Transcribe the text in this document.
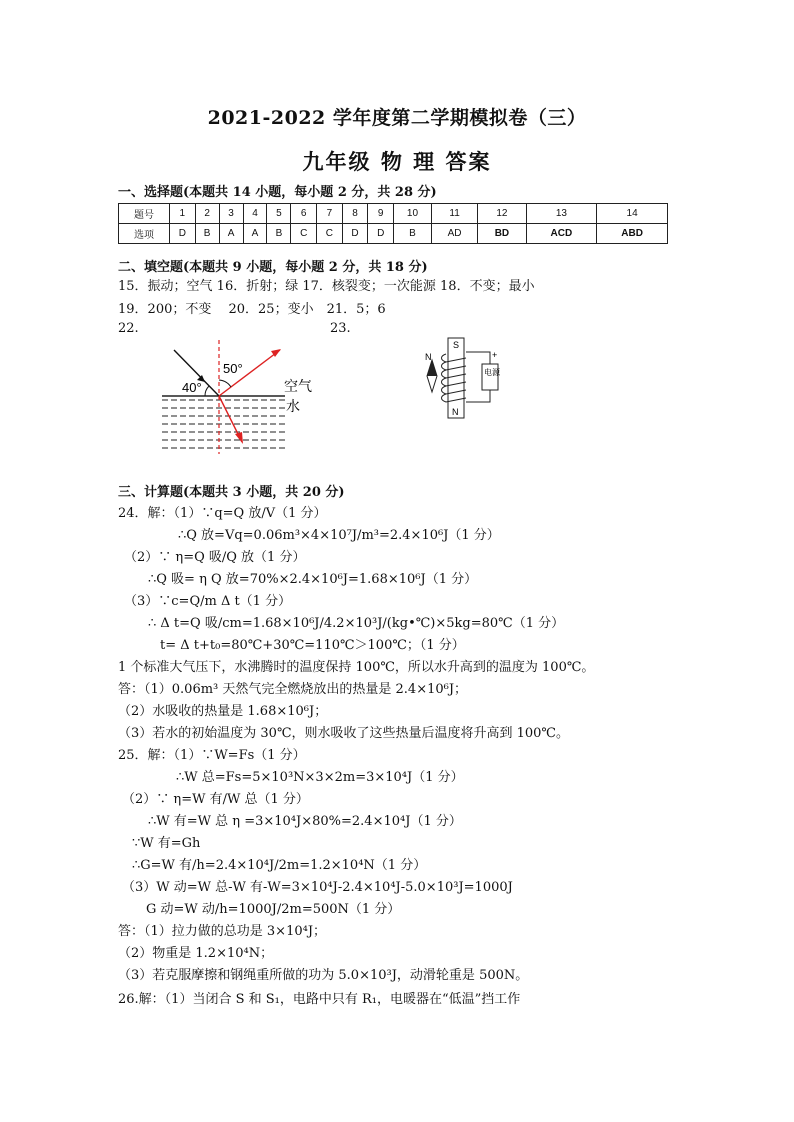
2021-2022 学年度第二学期模拟卷（三）
九年级 物 理 答案
一、选择题(本题共 14 小题，每小题 2 分，共 28 分)
题号	1	2	3	4	5	6	7	8	9	10	11	12	13	14
选项	D	B	A	A	B	C	C	D	D	B	AD	BD	ACD	ABD
二、填空题(本题共 9 小题，每小题 2 分，共 18 分)
15．振动；空气 16．折射；绿 17．核裂变；一次能源 18．不变；最小
19．200；不变　 20．25；变小　21．5；6
22.	23.
50°
40°	空气
水
N
S
N
电源
+
三、计算题(本题共 3 小题，共 20 分)
24．解：（1）∵q=Q 放/V（1 分）
∴Q 放=Vq=0.06m³×4×10⁷J/m³=2.4×10⁶J（1 分）
（2）∵ η=Q 吸/Q 放（1 分）
∴Q 吸= η Q 放=70%×2.4×10⁶J=1.68×10⁶J（1 分）
（3）∵c=Q/m Δ t（1 分）
∴ Δ t=Q 吸/cm=1.68×10⁶J/4.2×10³J/(kg•℃)×5kg=80℃（1 分）
t= Δ t+t₀=80℃+30℃=110℃＞100℃；（1 分）
1 个标准大气压下，水沸腾时的温度保持 100℃，所以水升高到的温度为 100℃。
答：（1）0.06m³ 天然气完全燃烧放出的热量是 2.4×10⁶J；
（2）水吸收的热量是 1.68×10⁶J；
（3）若水的初始温度为 30℃，则水吸收了这些热量后温度将升高到 100℃。
25．解：（1）∵W=Fs（1 分）
∴W 总=Fs=5×10³N×3×2m=3×10⁴J（1 分）
（2）∵ η=W 有/W 总（1 分）
∴W 有=W 总 η =3×10⁴J×80%=2.4×10⁴J（1 分）
∵W 有=Gh
∴G=W 有/h=2.4×10⁴J/2m=1.2×10⁴N（1 分）
（3）W 动=W 总-W 有-W=3×10⁴J-2.4×10⁴J-5.0×10³J=1000J
G 动=W 动/h=1000J/2m=500N（1 分）
答：（1）拉力做的总功是 3×10⁴J；
（2）物重是 1.2×10⁴N；
（3）若克服摩擦和钢绳重所做的功为 5.0×10³J，动滑轮重是 500N。
26.解：（1）当闭合 S 和 S₁，电路中只有 R₁，电暖器在“低温”挡工作
